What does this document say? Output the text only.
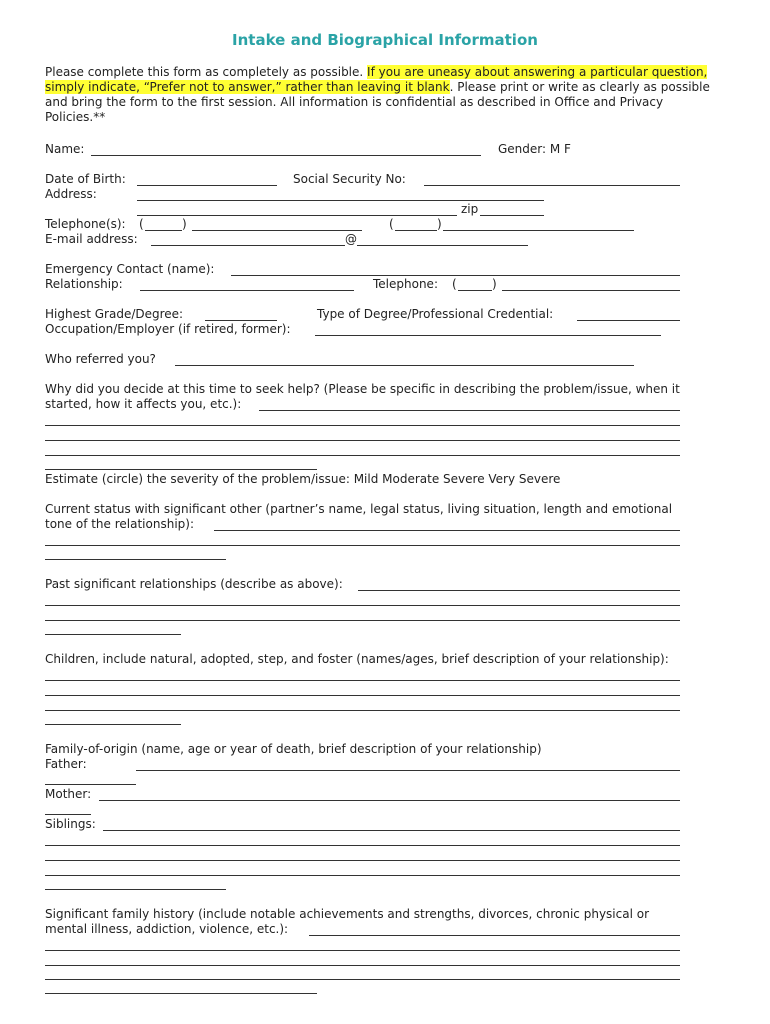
Intake and Biographical Information
Please complete this form as completely as possible. If you are uneasy about answering a particular question, simply indicate, “Prefer not to answer,” rather than leaving it blank. Please print or write as clearly as possible and bring the form to the first session. All information is confidential as described in Office and Privacy Policies.**
Name:	Gender: M F
Date of Birth:	Social Security No:
Address:
zip
Telephone(s): (	)	(	)
E-mail address:	@
Emergency Contact (name):
Relationship:	Telephone: (	)
Highest Grade/Degree:	Type of Degree/Professional Credential:
Occupation/Employer (if retired, former):
Who referred you?
Why did you decide at this time to seek help? (Please be specific in describing the problem/issue, when it
started, how it affects you, etc.):
Estimate (circle) the severity of the problem/issue: Mild Moderate Severe Very Severe
Current status with significant other (partner’s name, legal status, living situation, length and emotional
tone of the relationship):
Past significant relationships (describe as above):
Children, include natural, adopted, step, and foster (names/ages, brief description of your relationship):
Family-of-origin (name, age or year of death, brief description of your relationship)
Father:
Mother:
Siblings:
Significant family history (include notable achievements and strengths, divorces, chronic physical or
mental illness, addiction, violence, etc.):
